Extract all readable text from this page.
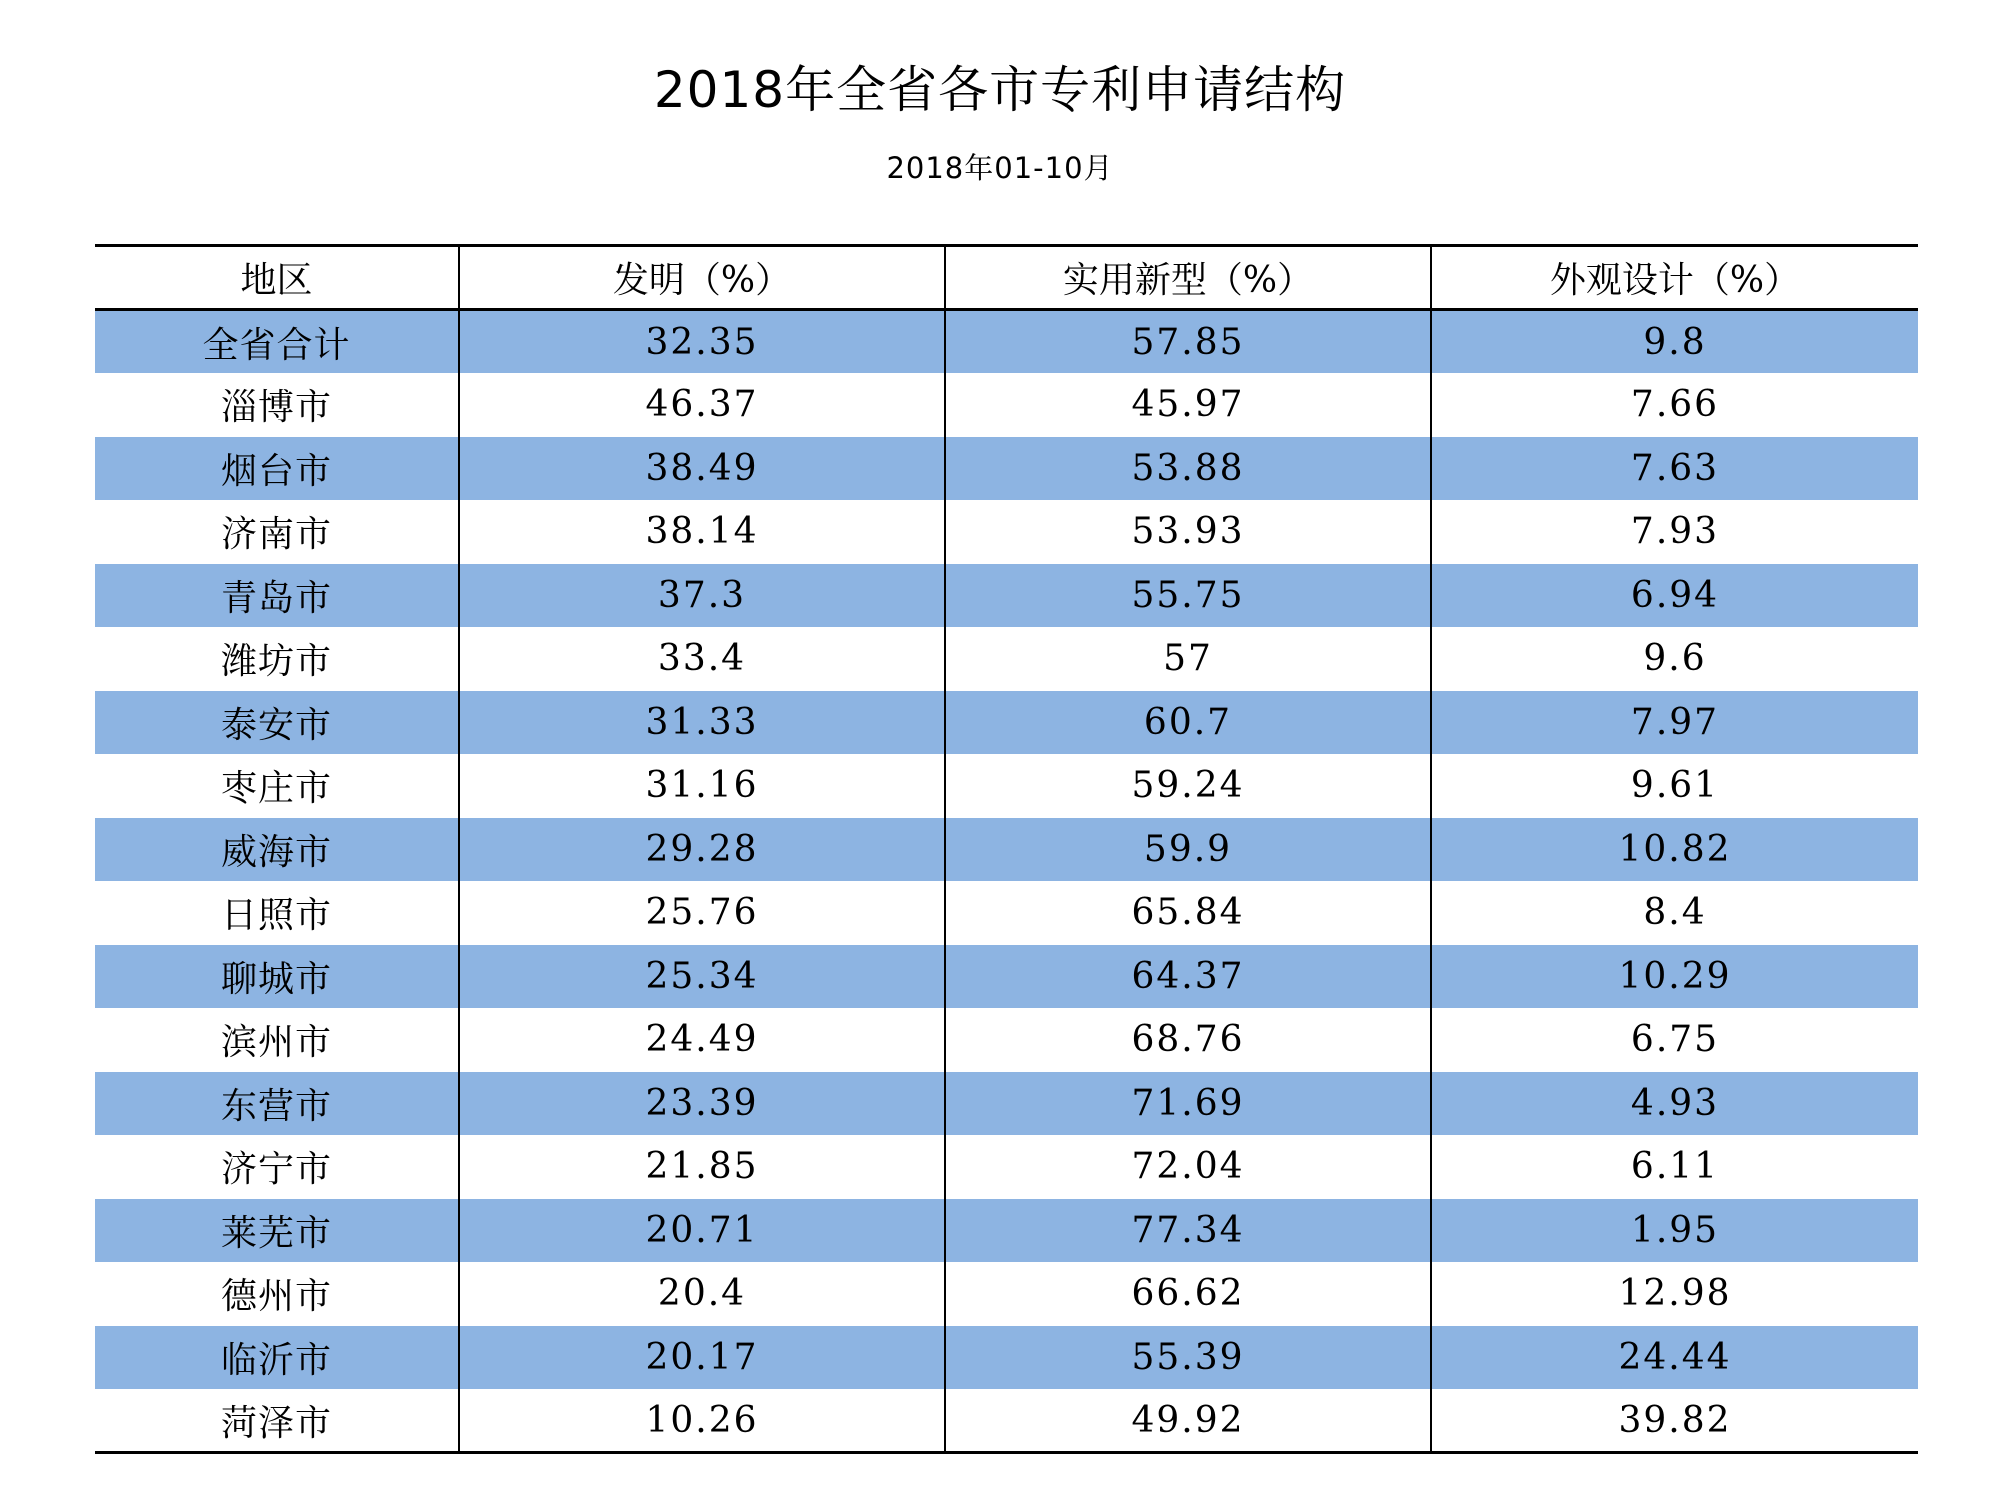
2018年全省各市专利申请结构
2018年01-10月
地区	发明（%）	实用新型（%）	外观设计（%）
全省合计	32.35	57.85	9.8
淄博市	46.37	45.97	7.66
烟台市	38.49	53.88	7.63
济南市	38.14	53.93	7.93
青岛市	37.3	55.75	6.94
潍坊市	33.4	57	9.6
泰安市	31.33	60.7	7.97
枣庄市	31.16	59.24	9.61
威海市	29.28	59.9	10.82
日照市	25.76	65.84	8.4
聊城市	25.34	64.37	10.29
滨州市	24.49	68.76	6.75
东营市	23.39	71.69	4.93
济宁市	21.85	72.04	6.11
莱芜市	20.71	77.34	1.95
德州市	20.4	66.62	12.98
临沂市	20.17	55.39	24.44
菏泽市	10.26	49.92	39.82
